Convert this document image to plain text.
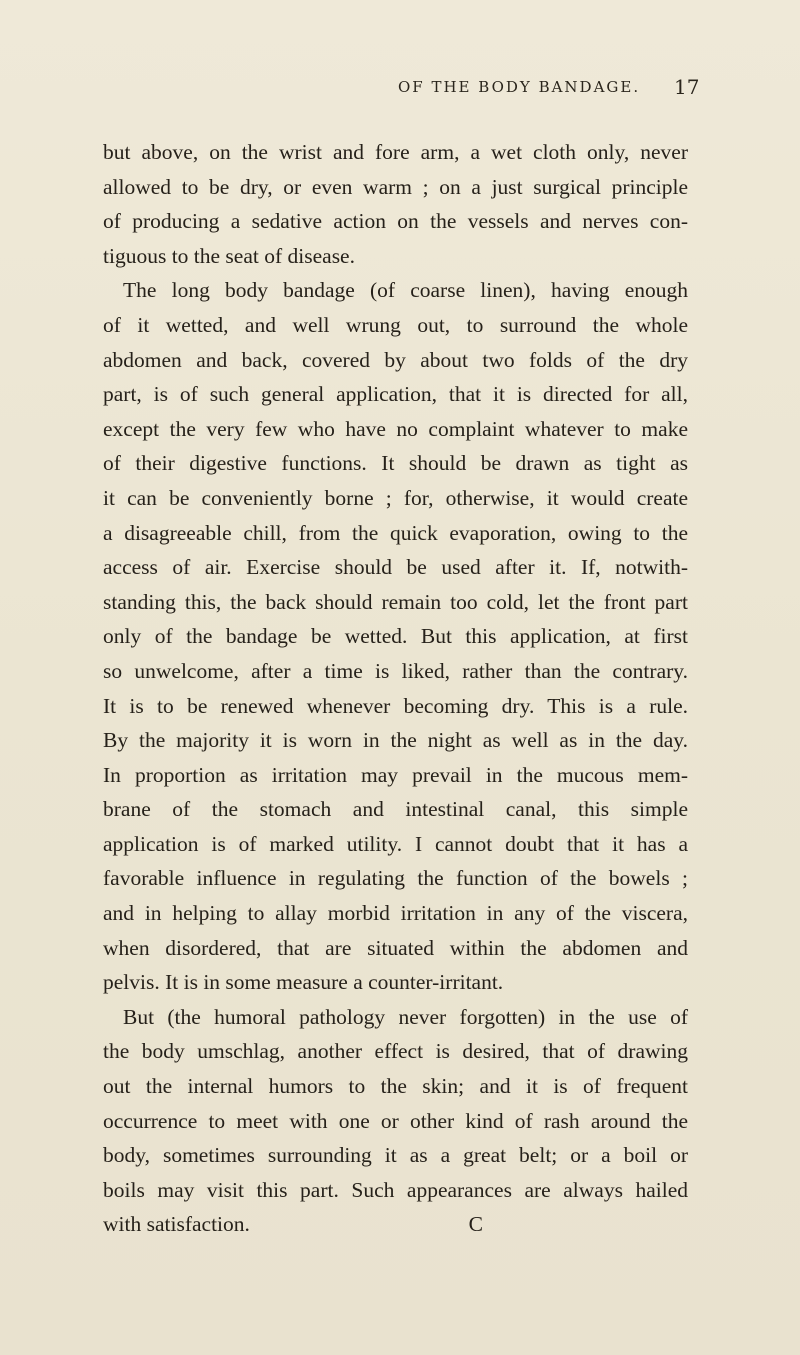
OF THE BODY BANDAGE. 17
but above, on the wrist and fore arm, a wet cloth only, never
allowed to be dry, or even warm ; on a just surgical principle
of producing a sedative action on the vessels and nerves con-
tiguous to the seat of disease.
The long body bandage (of coarse linen), having enough
of it wetted, and well wrung out, to surround the whole
abdomen and back, covered by about two folds of the dry
part, is of such general application, that it is directed for all,
except the very few who have no complaint whatever to make
of their digestive functions. It should be drawn as tight as
it can be conveniently borne ; for, otherwise, it would create
a disagreeable chill, from the quick evaporation, owing to the
access of air. Exercise should be used after it. If, notwith-
standing this, the back should remain too cold, let the front part
only of the bandage be wetted. But this application, at first
so unwelcome, after a time is liked, rather than the contrary.
It is to be renewed whenever becoming dry. This is a rule.
By the majority it is worn in the night as well as in the day.
In proportion as irritation may prevail in the mucous mem-
brane of the stomach and intestinal canal, this simple
application is of marked utility. I cannot doubt that it has a
favorable influence in regulating the function of the bowels ;
and in helping to allay morbid irritation in any of the viscera,
when disordered, that are situated within the abdomen and
pelvis. It is in some measure a counter-irritant.
But (the humoral pathology never forgotten) in the use of
the body umschlag, another effect is desired, that of drawing
out the internal humors to the skin; and it is of frequent
occurrence to meet with one or other kind of rash around the
body, sometimes surrounding it as a great belt; or a boil or
boils may visit this part. Such appearances are always hailed
with satisfaction.	C
